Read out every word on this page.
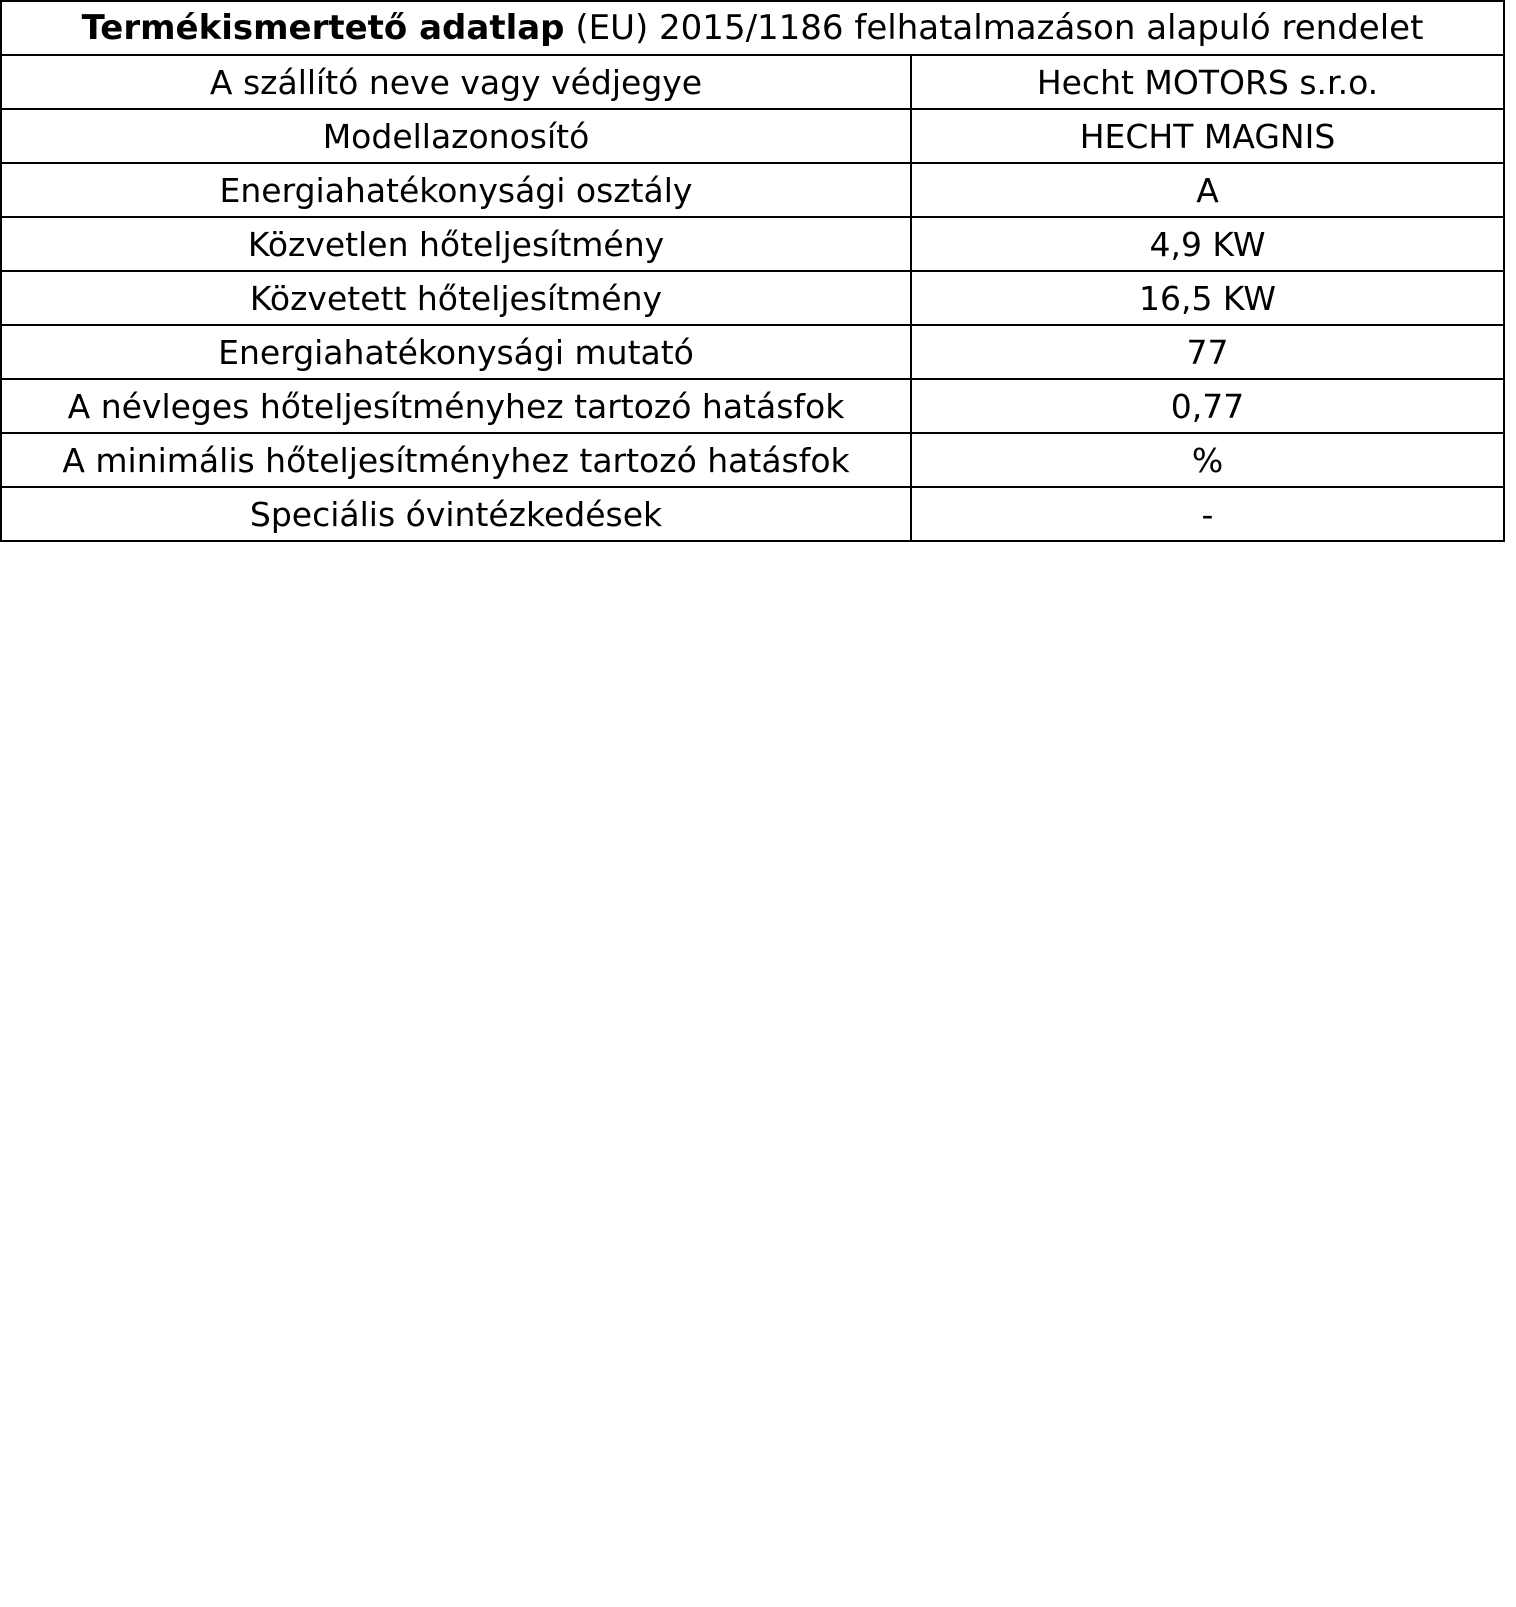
Termékismertető adatlap (EU) 2015/1186 felhatalmazáson alapuló rendelet	
A szállító neve vagy védjegye	Hecht MOTORS s.r.o.
Modellazonosító	HECHT MAGNIS
Energiahatékonysági osztály	A
Közvetlen hőteljesítmény	4,9 KW
Közvetett hőteljesítmény	16,5 KW
Energiahatékonysági mutató	77
A névleges hőteljesítményhez tartozó hatásfok	0,77
A minimális hőteljesítményhez tartozó hatásfok	%
Speciális óvintézkedések	-
